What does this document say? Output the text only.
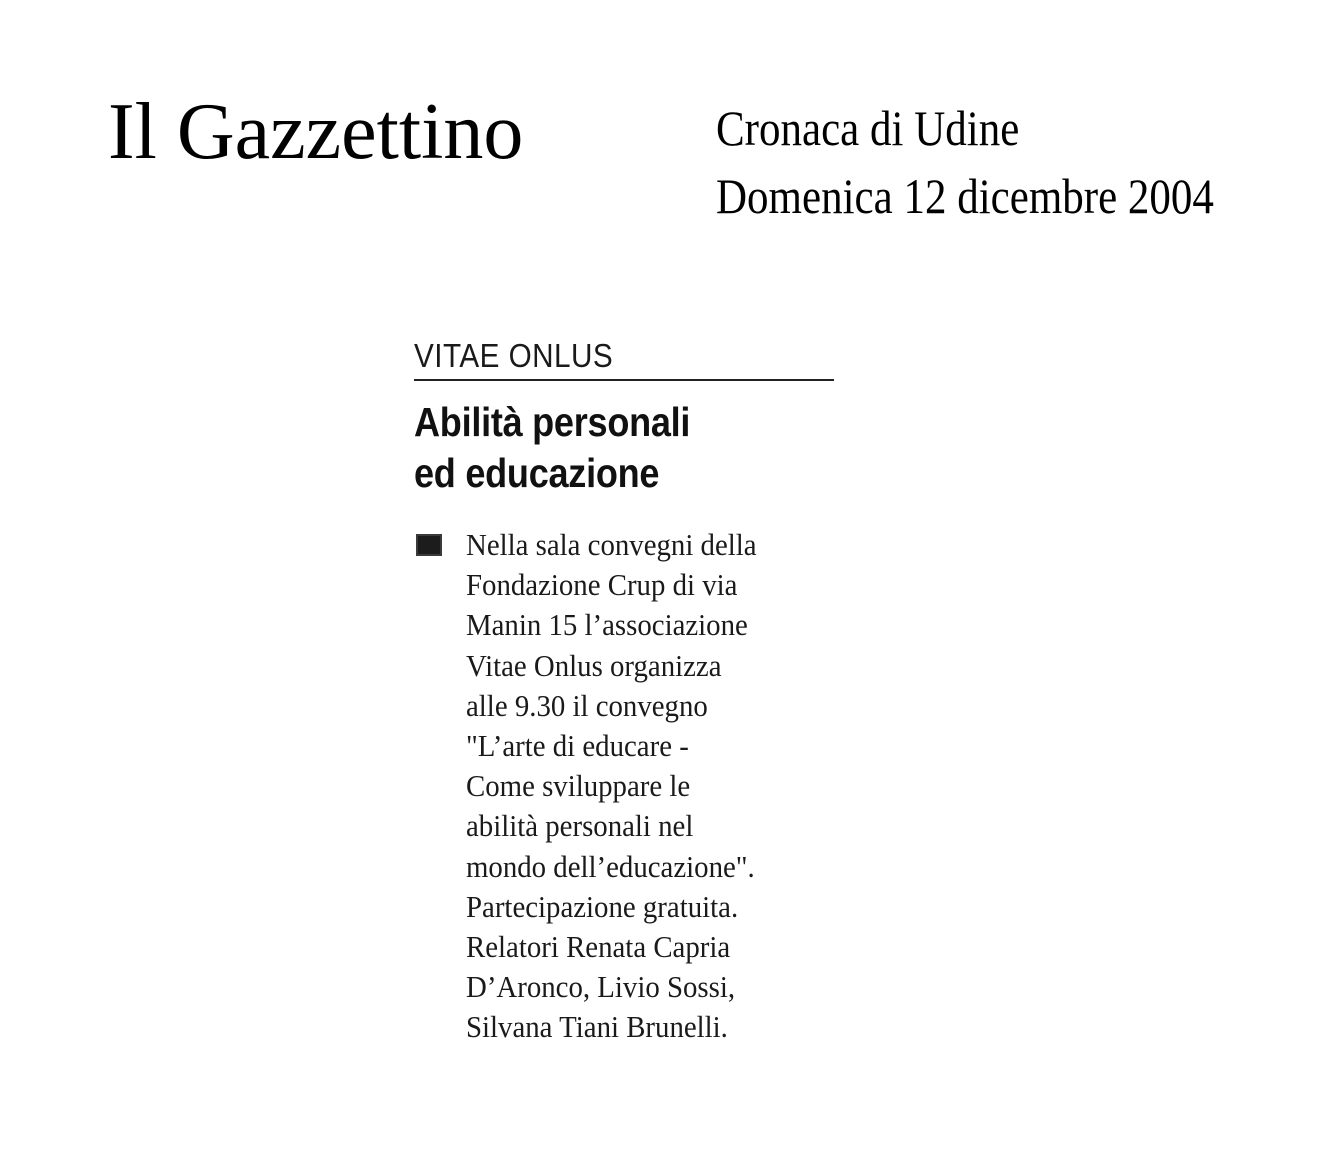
Il Gazzettino	Cronaca di Udine
Domenica 12 dicembre 2004
VITAE ONLUS
Abilità personali
ed educazione
Nella sala convegni della
Fondazione Crup di via
Manin 15 l’associazione
Vitae Onlus organizza
alle 9.30 il convegno
"L’arte di educare -
Come sviluppare le
abilità personali nel
mondo dell’educazione".
Partecipazione gratuita.
Relatori Renata Capria
D’Aronco, Livio Sossi,
Silvana Tiani Brunelli.
